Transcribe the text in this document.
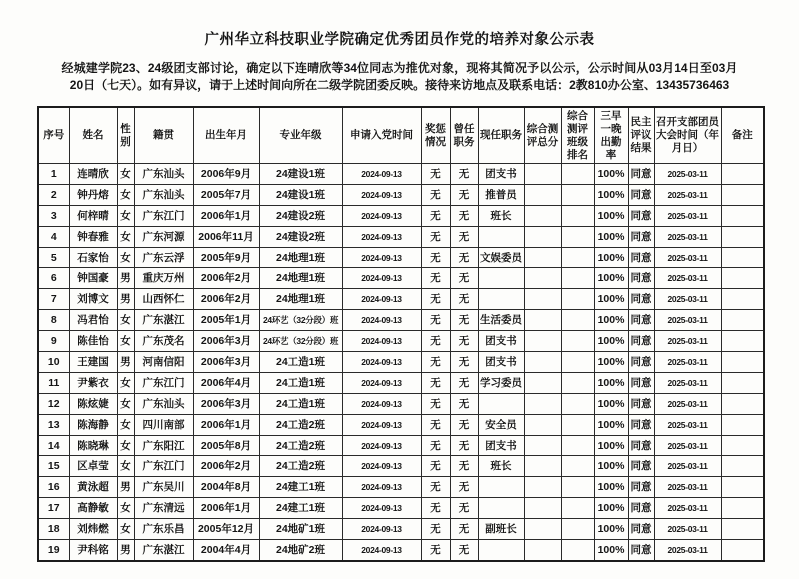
广州华立科技职业学院确定优秀团员作党的培养对象公示表

经城建学院23、24级团支部讨论，确定以下连晴欣等34位同志为推优对象，现将其简况予以公示，公示时间从03月14日至03月20日（七天）。如有异议，请于上述时间向所在二级学院团委反映。接待来访地点及联系电话：2教810办公室、13435736463

序号	姓名	性别	籍贯	出生年月	专业年级	申请入党时间	奖惩情况	曾任职务	现任职务	综合测评总分	综合测评班级排名	三早一晚出勤率	民主评议结果	召开支部团员大会时间（年月日）	备注
1	连晴欣	女	广东汕头	2006年9月	24建设1班	2024-09-13	无	无	团支书			100%	同意	2025-03-11	
2	钟丹熔	女	广东汕头	2005年7月	24建设1班	2024-09-13	无	无	推普员			100%	同意	2025-03-11	
3	何梓晴	女	广东江门	2006年1月	24建设2班	2024-09-13	无	无	班长			100%	同意	2025-03-11	
4	钟春雅	女	广东河源	2006年11月	24建设2班	2024-09-13	无	无				100%	同意	2025-03-11	
5	石家怡	女	广东云浮	2005年9月	24地理1班	2024-09-13	无	无	文娱委员			100%	同意	2025-03-11	
6	钟国豪	男	重庆万州	2006年2月	24地理1班	2024-09-13	无	无				100%	同意	2025-03-11	
7	刘博文	男	山西怀仁	2006年2月	24地理1班	2024-09-13	无	无				100%	同意	2025-03-11	
8	冯君怡	女	广东湛江	2005年1月	24环艺（32分段）班	2024-09-13	无	无	生活委员			100%	同意	2025-03-11	
9	陈佳怡	女	广东茂名	2006年3月	24环艺（32分段）班	2024-09-13	无	无	团支书			100%	同意	2025-03-11	
10	王建国	男	河南信阳	2006年3月	24工造1班	2024-09-13	无	无	团支书			100%	同意	2025-03-11	
11	尹紫衣	女	广东江门	2006年4月	24工造1班	2024-09-13	无	无	学习委员			100%	同意	2025-03-11	
12	陈炫婕	女	广东汕头	2006年3月	24工造1班	2024-09-13	无	无				100%	同意	2025-03-11	
13	陈海静	女	四川南部	2006年1月	24工造2班	2024-09-13	无	无	安全员			100%	同意	2025-03-11	
14	陈晓琳	女	广东阳江	2005年8月	24工造2班	2024-09-13	无	无	团支书			100%	同意	2025-03-11	
15	区卓莹	女	广东江门	2006年2月	24工造2班	2024-09-13	无	无	班长			100%	同意	2025-03-11	
16	黄泳超	男	广东吴川	2004年8月	24建工1班	2024-09-13	无	无				100%	同意	2025-03-11	
17	高静敏	女	广东清远	2006年1月	24建工1班	2024-09-13	无	无				100%	同意	2025-03-11	
18	刘炜燃	女	广东乐昌	2005年12月	24地矿1班	2024-09-13	无	无	副班长			100%	同意	2025-03-11	
19	尹科铭	男	广东湛江	2004年4月	24地矿2班	2024-09-13	无	无				100%	同意	2025-03-11	
